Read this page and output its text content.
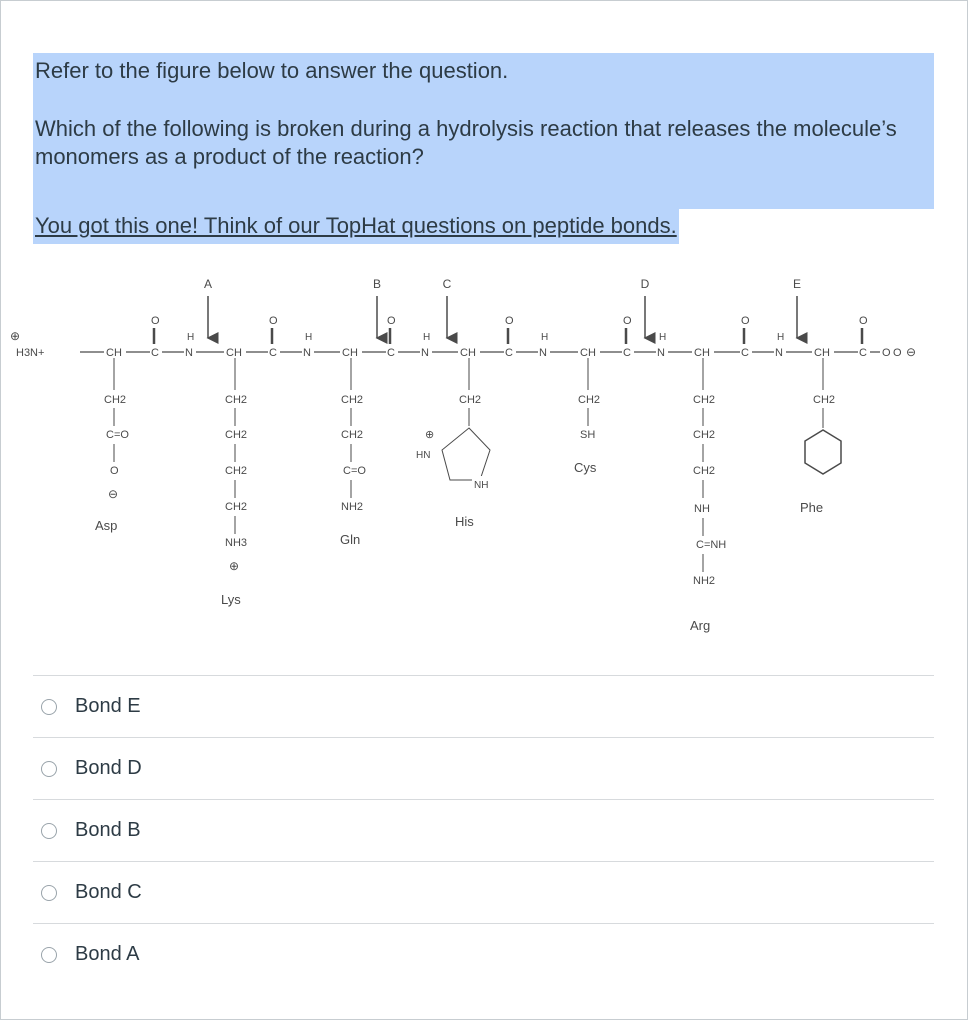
Refer to the figure below to answer the question.
Which of the following is broken during a hydrolysis reaction that releases the molecule’s monomers as a product of the reaction?
You got this one! Think of our TopHat questions on peptide bonds.
A	B	C	D	E
⊕
H3N+	CH	C N	CH C N	CH	C N	CH	C N	CH C N	CH	C N	CH	C O O ⊖
O	O	O	O	O	O	O
H	H	H	H	H	H
CH2
C=O
O
⊖
Asp
CH2
CH2
CH2
CH2
NH3
⊕
Lys
CH2
CH2
C=O
NH2
Gln
CH2
HN
⊕
NH
His
CH2
SH
Cys
CH2
CH2
CH2
NH
C=NH
NH2
Arg
CH2
Phe
Bond E
Bond D
Bond B
Bond C
Bond A
